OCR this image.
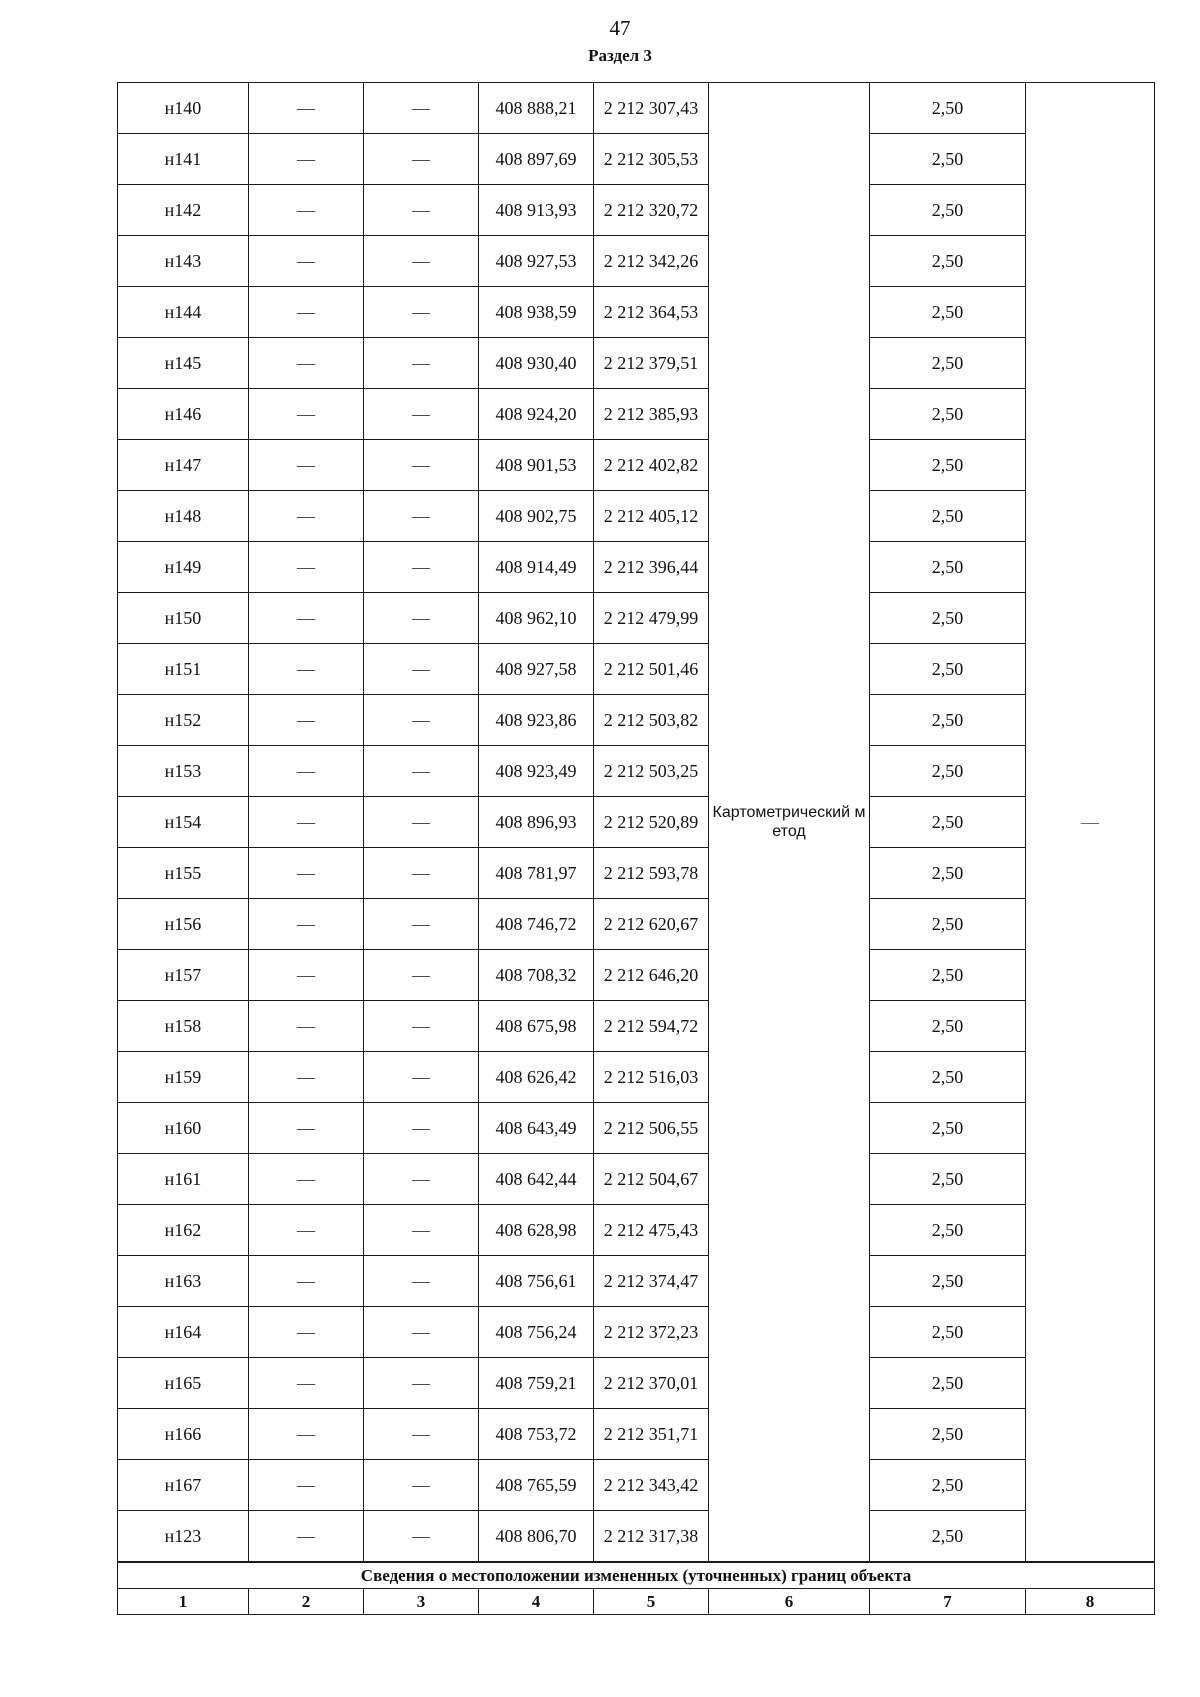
47
Раздел 3
н140	—	—	408 888,21	2 212 307,43	Картометрический метод	2,50	—
н141	—	—	408 897,69	2 212 305,53		2,50	
н142	—	—	408 913,93	2 212 320,72		2,50	
н143	—	—	408 927,53	2 212 342,26		2,50	
н144	—	—	408 938,59	2 212 364,53		2,50	
н145	—	—	408 930,40	2 212 379,51		2,50	
н146	—	—	408 924,20	2 212 385,93		2,50	
н147	—	—	408 901,53	2 212 402,82		2,50	
н148	—	—	408 902,75	2 212 405,12		2,50	
н149	—	—	408 914,49	2 212 396,44		2,50	
н150	—	—	408 962,10	2 212 479,99		2,50	
н151	—	—	408 927,58	2 212 501,46		2,50	
н152	—	—	408 923,86	2 212 503,82		2,50	
н153	—	—	408 923,49	2 212 503,25		2,50	
н154	—	—	408 896,93	2 212 520,89		2,50	
н155	—	—	408 781,97	2 212 593,78		2,50	
н156	—	—	408 746,72	2 212 620,67		2,50	
н157	—	—	408 708,32	2 212 646,20		2,50	
н158	—	—	408 675,98	2 212 594,72		2,50	
н159	—	—	408 626,42	2 212 516,03		2,50	
н160	—	—	408 643,49	2 212 506,55		2,50	
н161	—	—	408 642,44	2 212 504,67		2,50	
н162	—	—	408 628,98	2 212 475,43		2,50	
н163	—	—	408 756,61	2 212 374,47		2,50	
н164	—	—	408 756,24	2 212 372,23		2,50	
н165	—	—	408 759,21	2 212 370,01		2,50	
н166	—	—	408 753,72	2 212 351,71		2,50	
н167	—	—	408 765,59	2 212 343,42		2,50	
н123	—	—	408 806,70	2 212 317,38		2,50	
Сведения о местоположении измененных (уточненных) границ объекта							
1	2	3	4	5	6	7	8
